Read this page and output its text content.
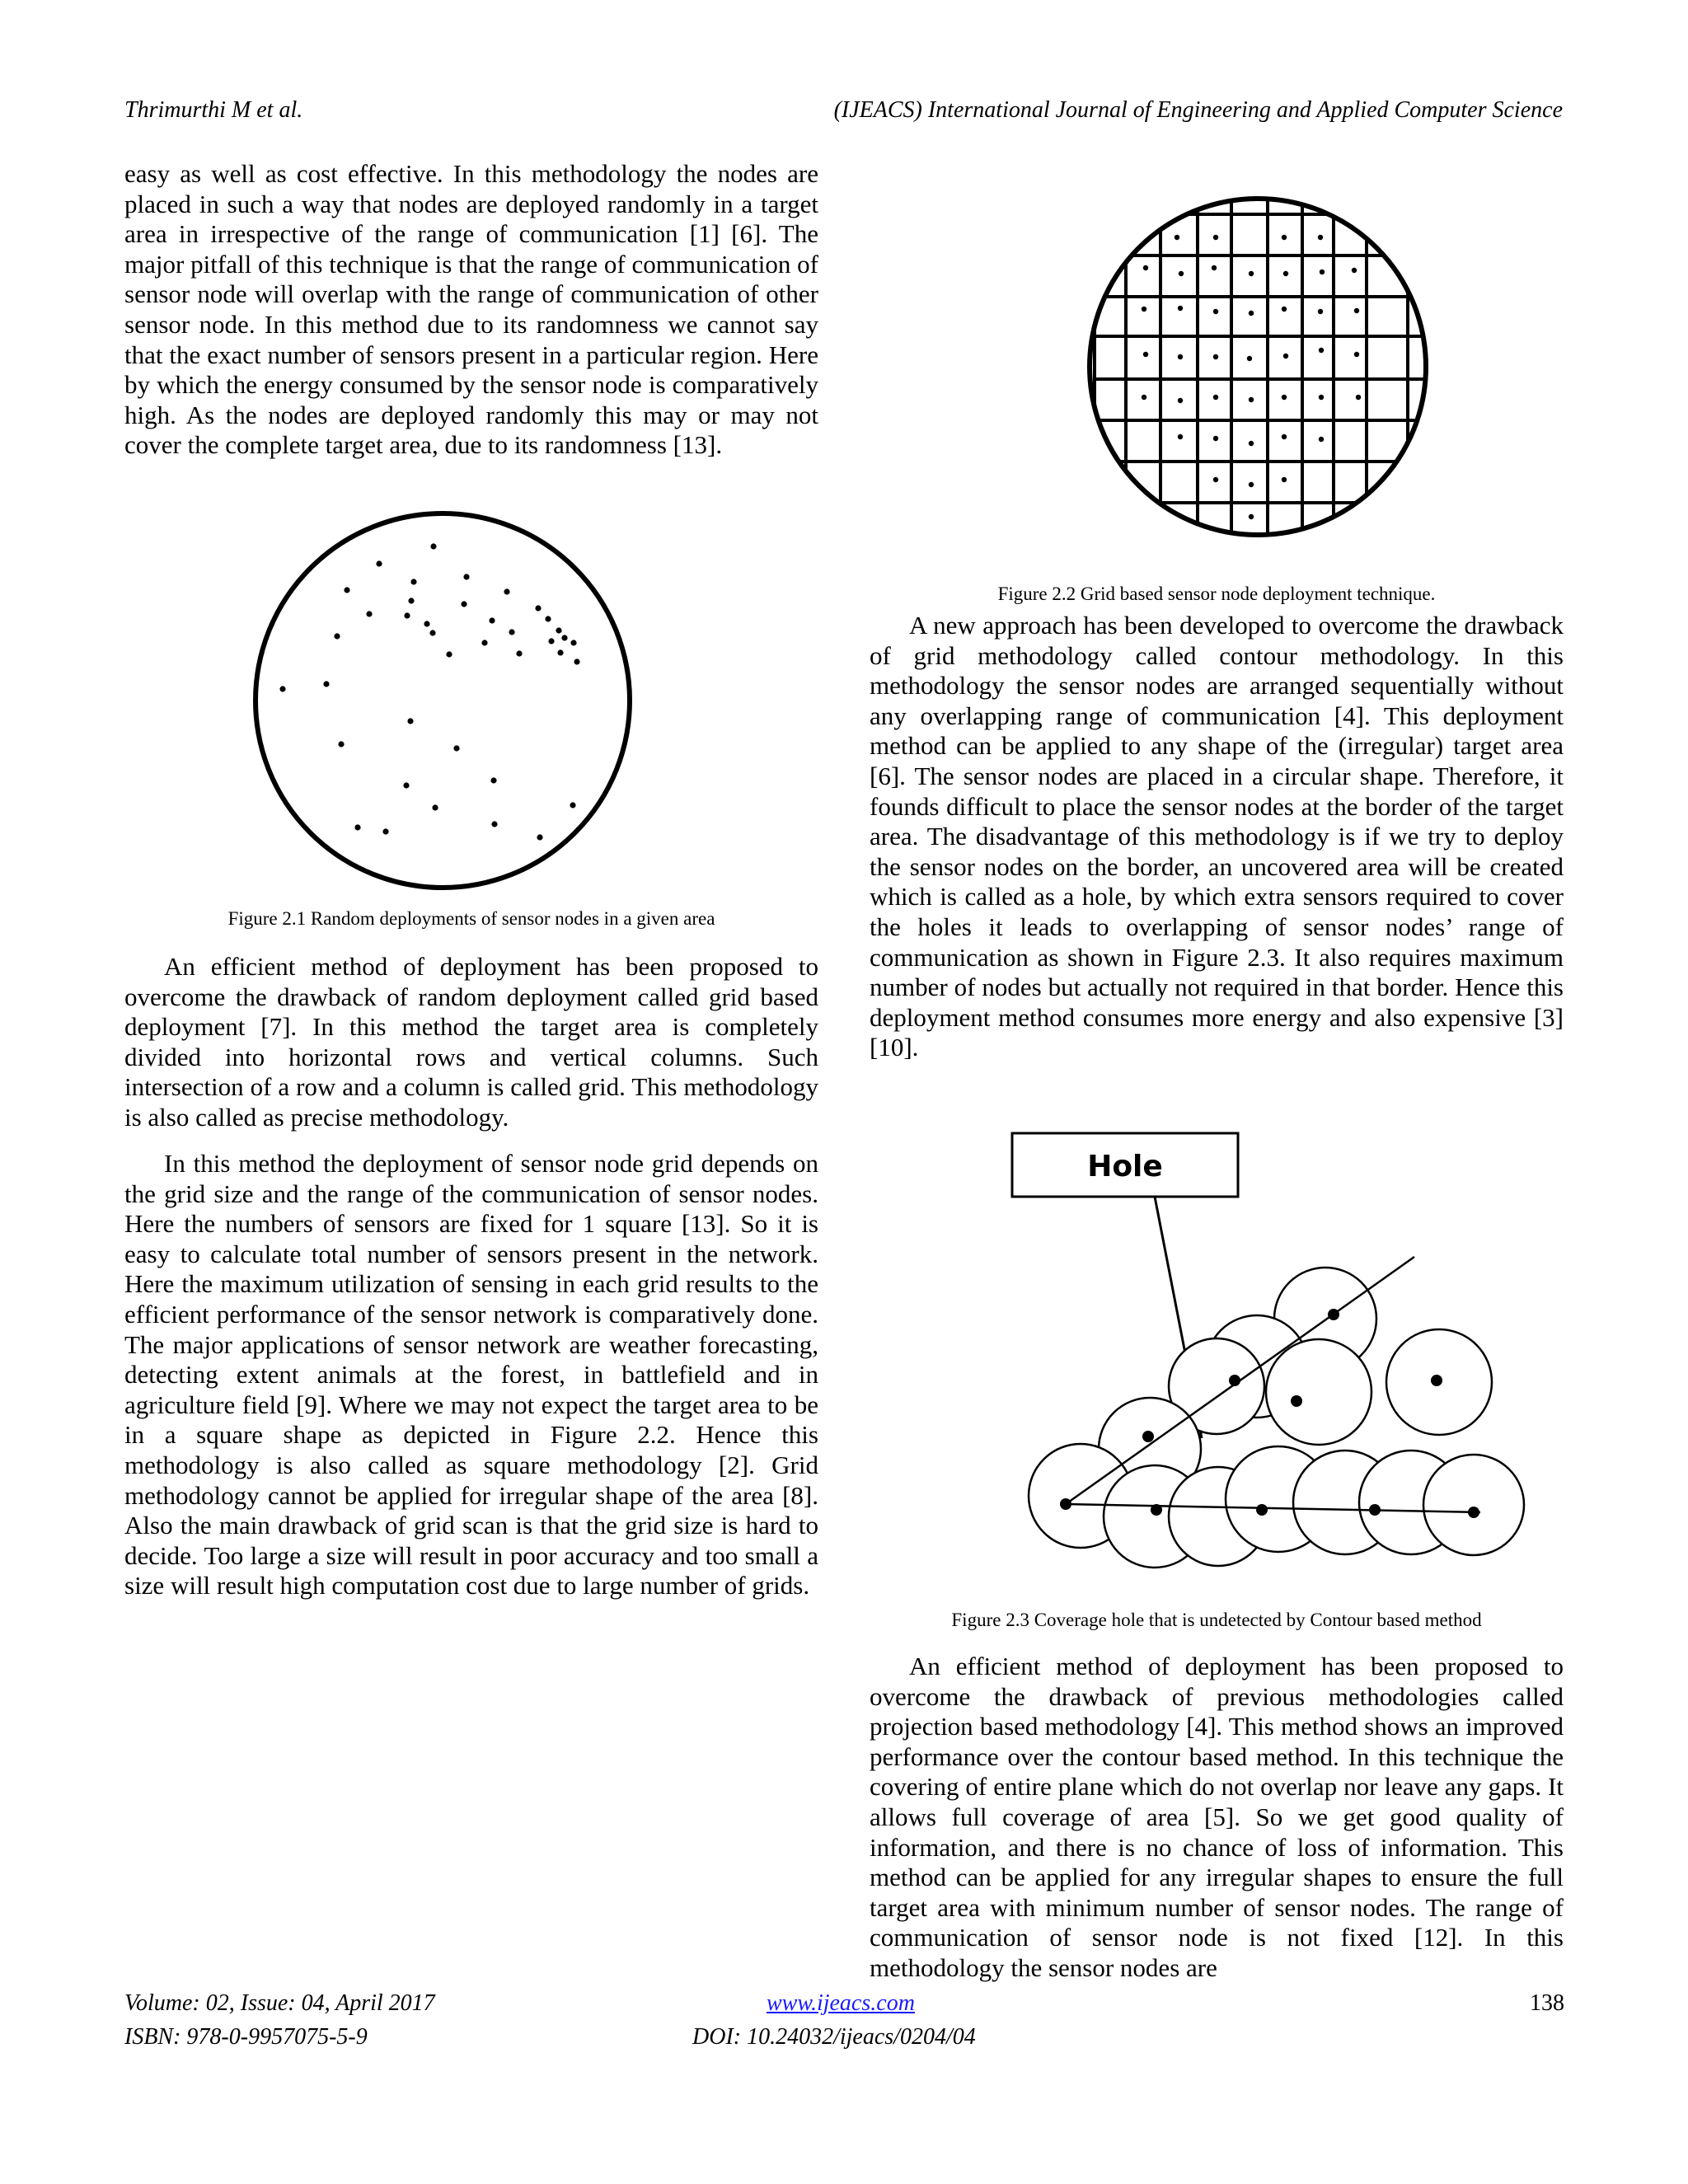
Thrimurthi M et al.	(IJEACS) International Journal of Engineering and Applied Computer Science

easy as well as cost effective. In this methodology the nodes are placed in such a way that nodes are deployed randomly in a target area in irrespective of the range of communication [1] [6]. The major pitfall of this technique is that the range of communication of sensor node will overlap with the range of communication of other sensor node. In this method due to its randomness we cannot say that the exact number of sensors present in a particular region. Here by which the energy consumed by the sensor node is comparatively high. As the nodes are deployed randomly this may or may not cover the complete target area, due to its randomness [13].

Figure 2.1 Random deployments of sensor nodes in a given area

An efficient method of deployment has been proposed to overcome the drawback of random deployment called grid based deployment [7]. In this method the target area is completely divided into horizontal rows and vertical columns. Such intersection of a row and a column is called grid. This methodology is also called as precise methodology.

In this method the deployment of sensor node grid depends on the grid size and the range of the communication of sensor nodes. Here the numbers of sensors are fixed for 1 square [13]. So it is easy to calculate total number of sensors present in the network. Here the maximum utilization of sensing in each grid results to the efficient performance of the sensor network is comparatively done. The major applications of sensor network are weather forecasting, detecting extent animals at the forest, in battlefield and in agriculture field [9]. Where we may not expect the target area to be in a square shape as depicted in Figure 2.2. Hence this methodology is also called as square methodology [2]. Grid methodology cannot be applied for irregular shape of the area [8]. Also the main drawback of grid scan is that the grid size is hard to decide. Too large a size will result in poor accuracy and too small a size will result high computation cost due to large number of grids.

Figure 2.2 Grid based sensor node deployment technique.

A new approach has been developed to overcome the drawback of grid methodology called contour methodology. In this methodology the sensor nodes are arranged sequentially without any overlapping range of communication [4]. This deployment method can be applied to any shape of the (irregular) target area [6]. The sensor nodes are placed in a circular shape. Therefore, it founds difficult to place the sensor nodes at the border of the target area. The disadvantage of this methodology is if we try to deploy the sensor nodes on the border, an uncovered area will be created which is called as a hole, by which extra sensors required to cover the holes it leads to overlapping of sensor nodes’ range of communication as shown in Figure 2.3. It also requires maximum number of nodes but actually not required in that border. Hence this deployment method consumes more energy and also expensive [3][10].

Hole
Figure 2.3 Coverage hole that is undetected by Contour based method

An efficient method of deployment has been proposed to overcome the drawback of previous methodologies called projection based methodology [4]. This method shows an improved performance over the contour based method. In this technique the covering of entire plane which do not overlap nor leave any gaps. It allows full coverage of area [5]. So we get good quality of information, and there is no chance of loss of information. This method can be applied for any irregular shapes to ensure the full target area with minimum number of sensor nodes. The range of communication of sensor node is not fixed [12]. In this methodology the sensor nodes are

Volume: 02, Issue: 04, April 2017	www.ijeacs.com	138
ISBN: 978-0-9957075-5-9	DOI: 10.24032/ijeacs/0204/04
